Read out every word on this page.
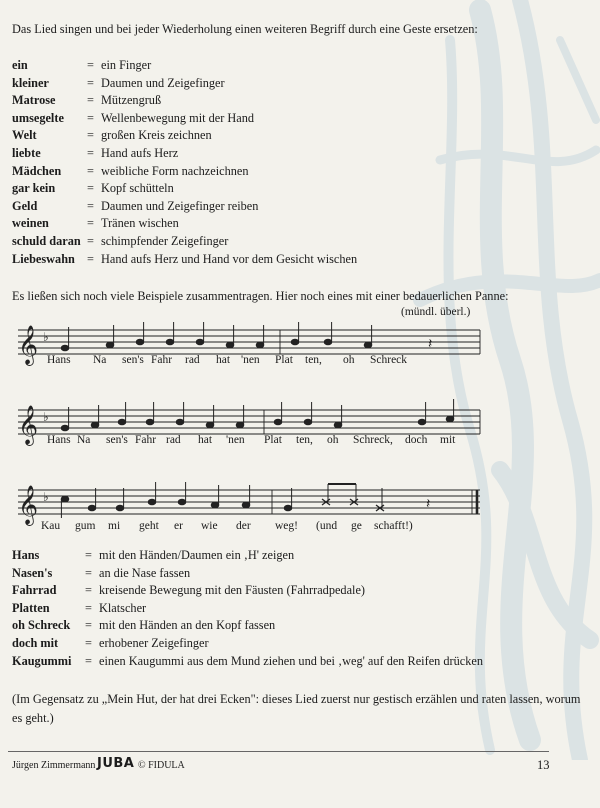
Das Lied singen und bei jeder Wiederholung einen weiteren Begriff durch eine Geste ersetzen:
ein	= ein Finger
kleiner	= Daumen und Zeigefinger
Matrose	= Mützengruß
umsegelte	= Wellenbewegung mit der Hand
Welt	= großen Kreis zeichnen
liebte	= Hand aufs Herz
Mädchen	= weibliche Form nachzeichnen
gar kein	= Kopf schütteln
Geld	= Daumen und Zeigefinger reiben
weinen	= Tränen wischen
schuld daran = schimpfender Zeigefinger
Liebeswahn = Hand aufs Herz und Hand vor dem Gesicht wischen
Es ließen sich noch viele Beispiele zusammentragen. Hier noch eines mit einer bedauerlichen Panne:
(mündl. überl.)
𝄞 ♭	𝄽
Hans Na sen's Fahr rad hat 'nen Plat ten, oh Schreck
𝄞 ♭
Hans Na sen's Fahr rad hat 'nen Plat ten, oh Schreck, doch mit
𝄞 ♭	𝄽
Kau gum mi geht er wie der weg! (und ge schafft!)
Hans	= mit den Händen/Daumen ein ‚H' zeigen
Nasen's	= an die Nase fassen
Fahrrad	= kreisende Bewegung mit den Fäusten (Fahrradpedale)
Platten	= Klatscher
oh Schreck	= mit den Händen an den Kopf fassen
doch mit	= erhobener Zeigefinger
Kaugummi	= einen Kaugummi aus dem Mund ziehen und bei ‚weg' auf den Reifen drücken
(Im Gegensatz zu „Mein Hut, der hat drei Ecken": dieses Lied zuerst nur gestisch erzählen und raten lassen, worum es geht.)
Jürgen Zimmermann JUBA © FIDULA	13
